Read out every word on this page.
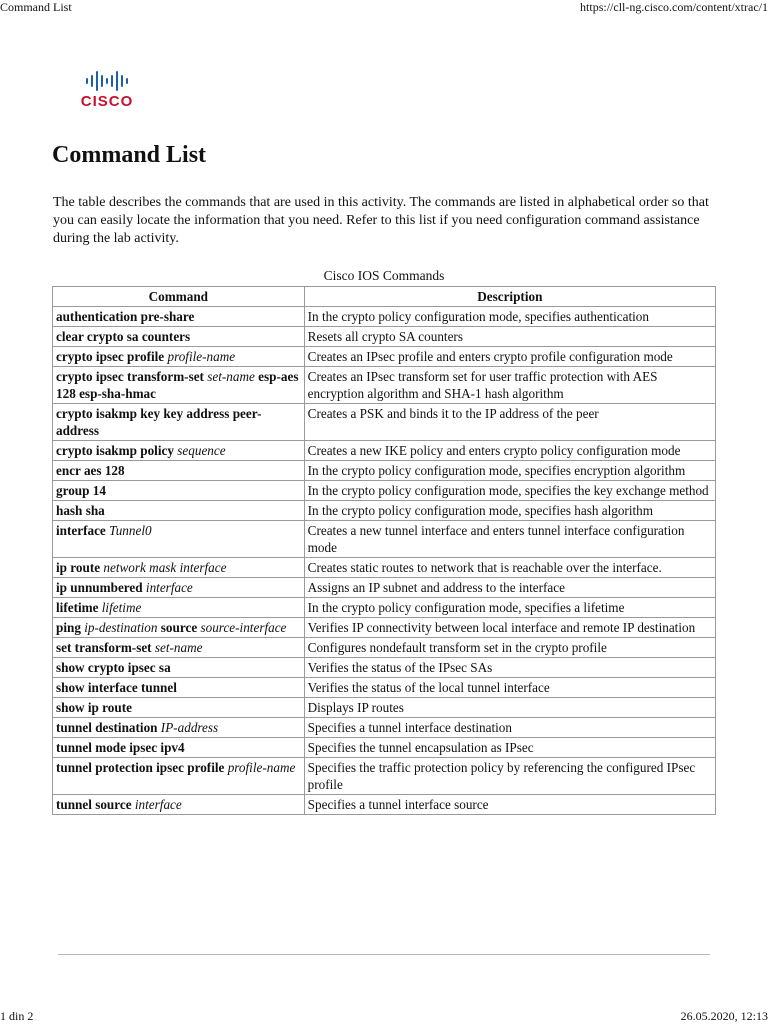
Command List	https://cll-ng.cisco.com/content/xtrac/1
CISCO
Command List

The table describes the commands that are used in this activity. The commands are listed in alphabetical order so that you can easily locate the information that you need. Refer to this list if you need configuration command assistance during the lab activity.

Cisco IOS Commands
Command	Description
authentication pre-share	In the crypto policy configuration mode, specifies authentication
clear crypto sa counters	Resets all crypto SA counters
crypto ipsec profile profile-name	Creates an IPsec profile and enters crypto profile configuration mode
crypto ipsec transform-set set-name esp-aes 128 esp-sha-hmac	Creates an IPsec transform set for user traffic protection with AES encryption algorithm and SHA-1 hash algorithm
crypto isakmp key key address peer-address	Creates a PSK and binds it to the IP address of the peer
crypto isakmp policy sequence	Creates a new IKE policy and enters crypto policy configuration mode
encr aes 128	In the crypto policy configuration mode, specifies encryption algorithm
group 14	In the crypto policy configuration mode, specifies the key exchange method
hash sha	In the crypto policy configuration mode, specifies hash algorithm
interface Tunnel0	Creates a new tunnel interface and enters tunnel interface configuration mode
ip route network mask interface	Creates static routes to network that is reachable over the interface.
ip unnumbered interface	Assigns an IP subnet and address to the interface
lifetime lifetime	In the crypto policy configuration mode, specifies a lifetime
ping ip-destination source source-interface	Verifies IP connectivity between local interface and remote IP destination
set transform-set set-name	Configures nondefault transform set in the crypto profile
show crypto ipsec sa	Verifies the status of the IPsec SAs
show interface tunnel	Verifies the status of the local tunnel interface
show ip route	Displays IP routes
tunnel destination IP-address	Specifies a tunnel interface destination
tunnel mode ipsec ipv4	Specifies the tunnel encapsulation as IPsec
tunnel protection ipsec profile profile-name	Specifies the traffic protection policy by referencing the configured IPsec profile
tunnel source interface	Specifies a tunnel interface source
1 din 2	26.05.2020, 12:13
